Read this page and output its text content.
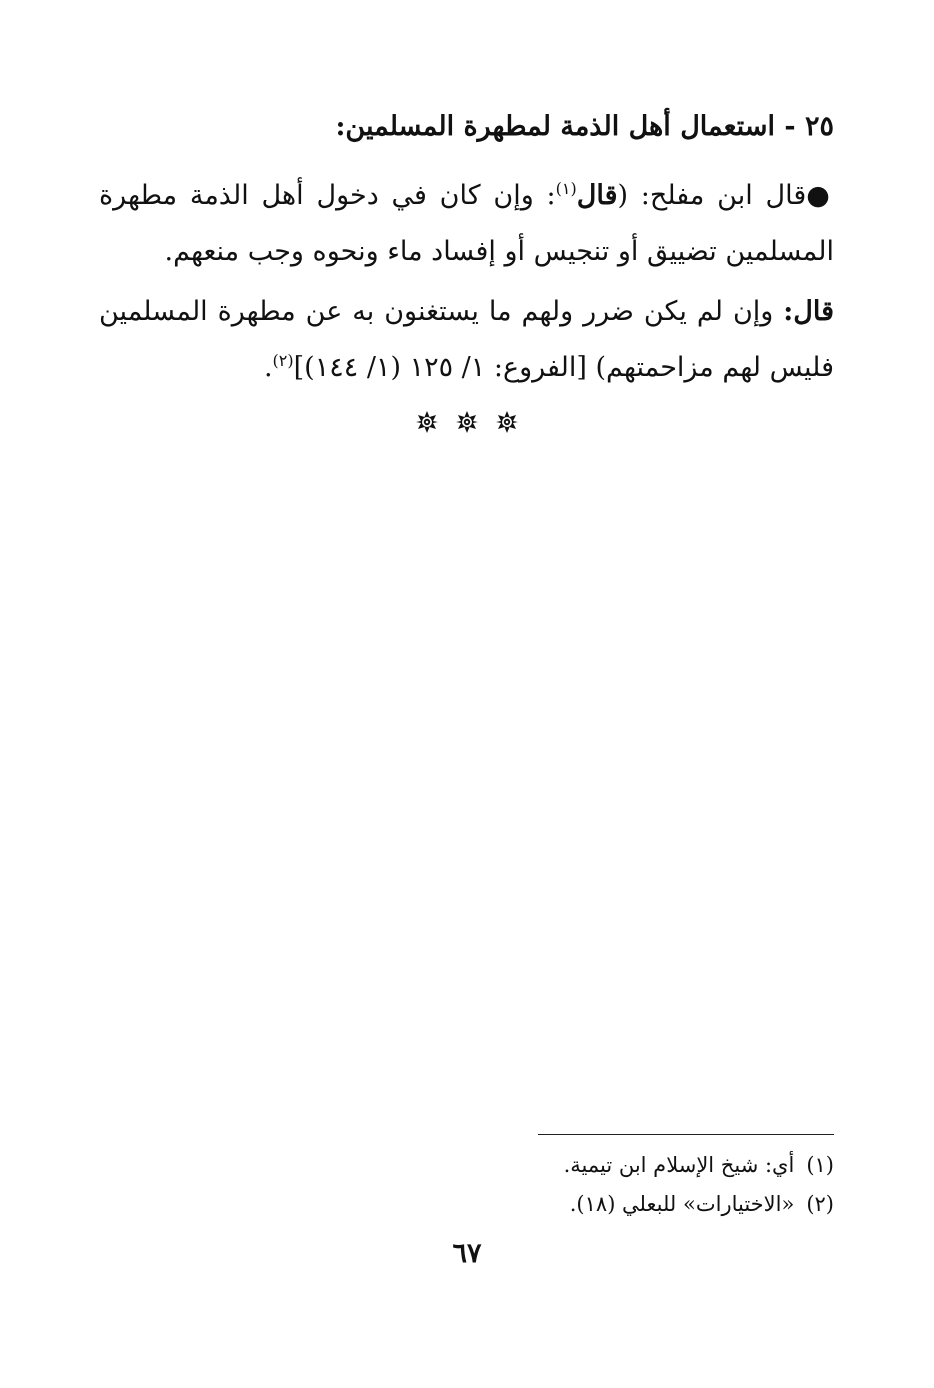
٢٥ - استعمال أهل الذمة لمطهرة المسلمين:
●قال ابن مفلح: (قال$^{(١)}$: وإن كان في دخول أهل الذمة مطهرة المسلمين تضييق أو تنجيس أو إفساد ماء ونحوه وجب منعهم.
قال: وإن لم يكن ضرر ولهم ما يستغنون به عن مطهرة المسلمين فليس لهم مزاحمتهم) [الفروع: ١/ ١٢٥ (١/ ١٤٤)]$^{(٢)}$.
(١)أي: شيخ الإسلام ابن تيمية.
(٢)«الاختيارات» للبعلي (١٨).
٦٧
